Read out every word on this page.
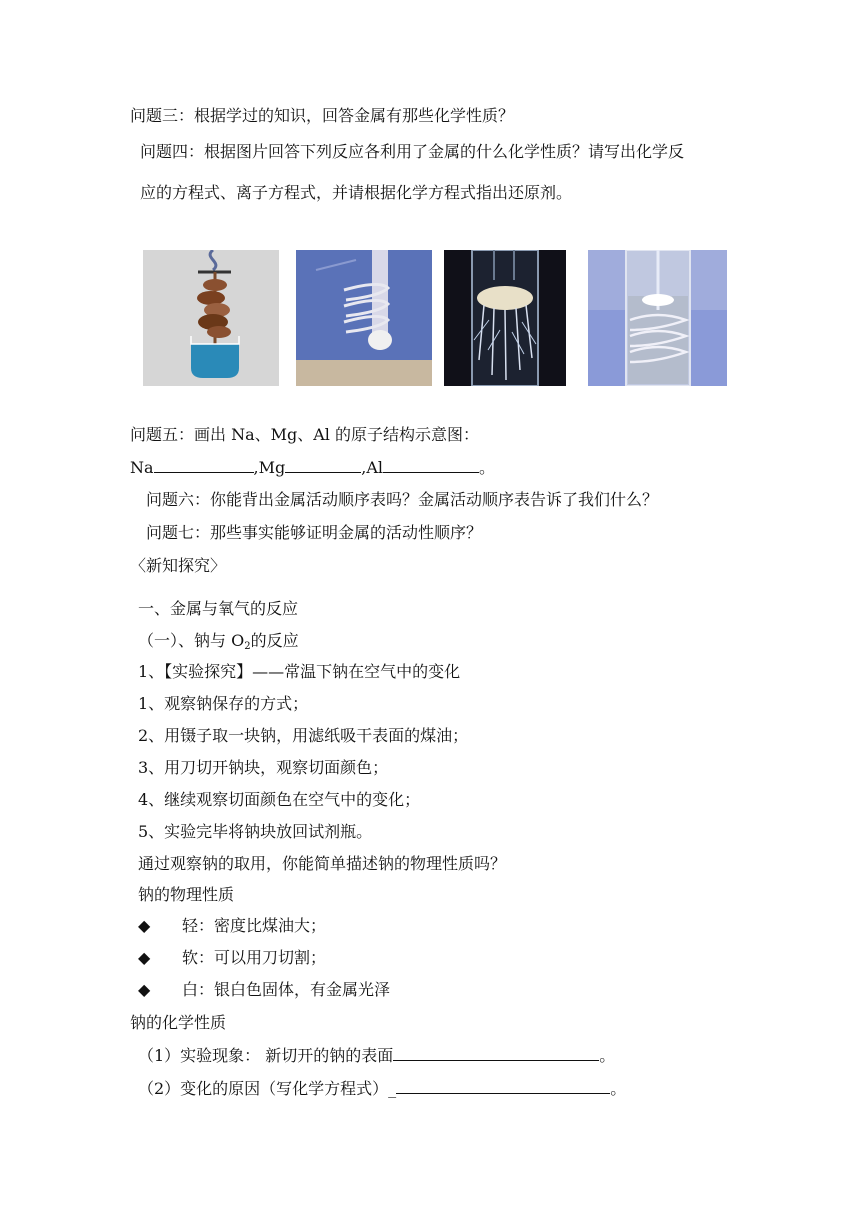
问题三：根据学过的知识，回答金属有那些化学性质？
问题四：根据图片回答下列反应各利用了金属的什么化学性质？请写出化学反
应的方程式、离子方程式，并请根据化学方程式指出还原剂。
问题五：画出 Na、Mg、Al 的原子结构示意图：
Na	,Mg	,Al	。
问题六：你能背出金属活动顺序表吗？金属活动顺序表告诉了我们什么？
问题七：那些事实能够证明金属的活动性顺序？
〈新知探究〉
一、金属与氧气的反应
（一）、钠与 $O_2$的反应
1、【实验探究】——常温下钠在空气中的变化
1、观察钠保存的方式；
2、用镊子取一块钠，用滤纸吸干表面的煤油；
3、用刀切开钠块，观察切面颜色；
4、继续观察切面颜色在空气中的变化；
5、实验完毕将钠块放回试剂瓶。
通过观察钠的取用，你能简单描述钠的物理性质吗？
钠的物理性质
◆ 轻：密度比煤油大；
◆ 软：可以用刀切割；
◆ 白：银白色固体，有金属光泽
钠的化学性质
（1）实验现象： 新切开的钠的表面	。
（2）变化的原因（写化学方程式）_	。
